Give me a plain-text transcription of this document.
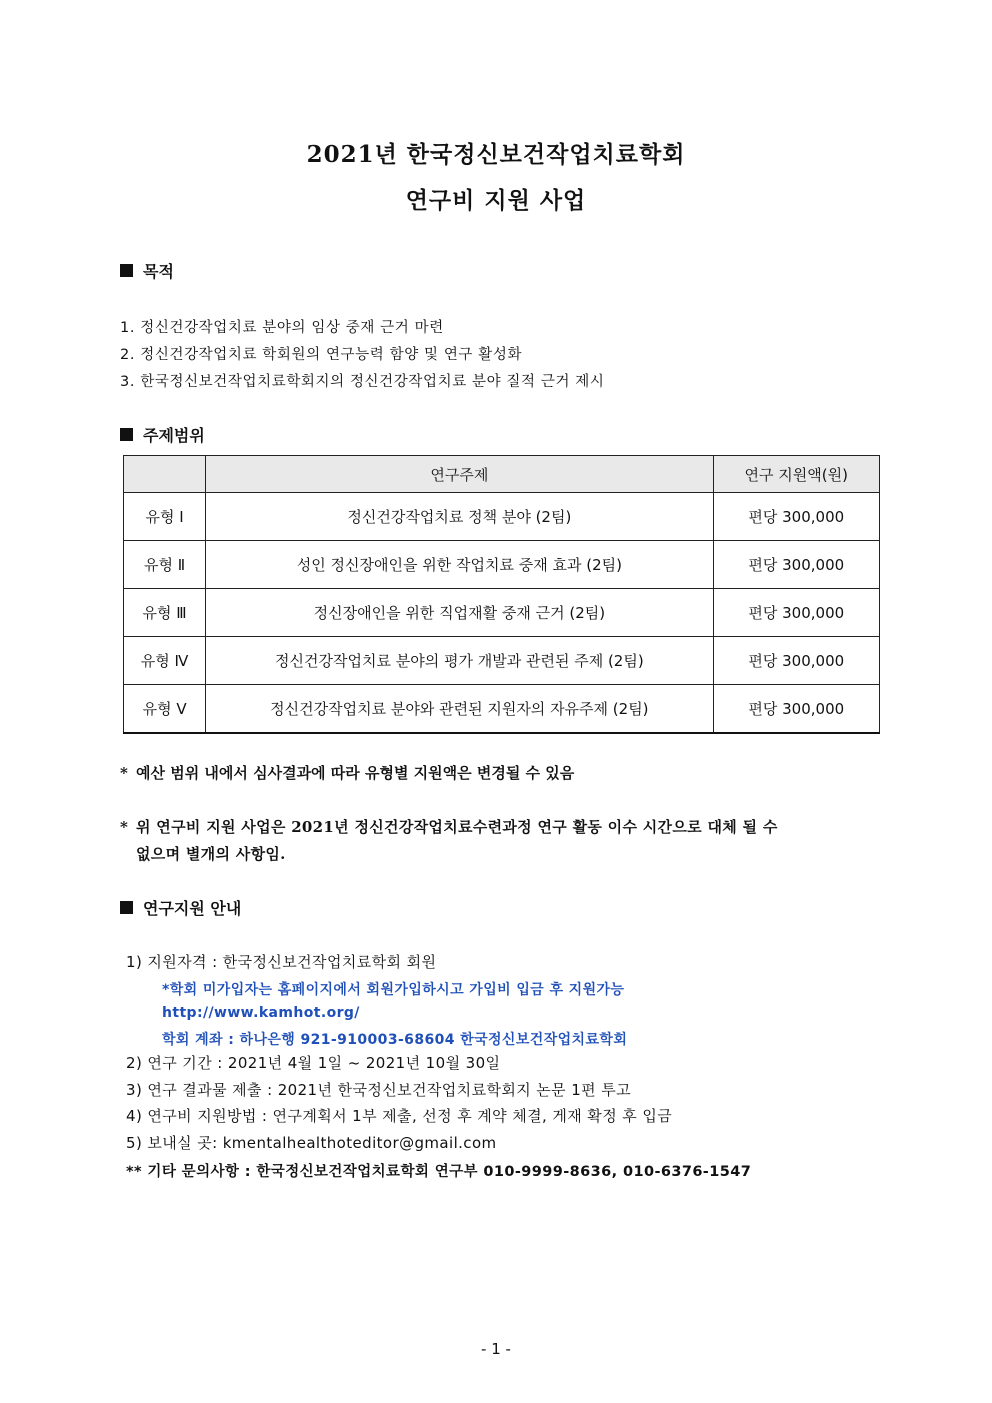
2021년 한국정신보건작업치료학회
연구비 지원 사업
목적
1. 정신건강작업치료 분야의 임상 중재 근거 마련
2. 정신건강작업치료 학회원의 연구능력 함양 및 연구 활성화
3. 한국정신보건작업치료학회지의 정신건강작업치료 분야 질적 근거 제시
주제범위
	연구주제	연구 지원액(원)
유형 Ⅰ	정신건강작업치료 정책 분야 (2팀)	편당 300,000
유형 Ⅱ	성인 정신장애인을 위한 작업치료 중재 효과 (2팀)	편당 300,000
유형 Ⅲ	정신장애인을 위한 직업재활 중재 근거 (2팀)	편당 300,000
유형 Ⅳ	정신건강작업치료 분야의 평가 개발과 관련된 주제 (2팀)	편당 300,000
유형 Ⅴ	정신건강작업치료 분야와 관련된 지원자의 자유주제 (2팀)	편당 300,000
* 예산 범위 내에서 심사결과에 따라 유형별 지원액은 변경될 수 있음
* 위 연구비 지원 사업은 2021년 정신건강작업치료수련과정 연구 활동 이수 시간으로 대체 될 수
없으며 별개의 사항임.
연구지원 안내
1) 지원자격 : 한국정신보건작업치료학회 회원
*학회 미가입자는 홈페이지에서 회원가입하시고 가입비 입금 후 지원가능
http://www.kamhot.org/
학회 계좌 : 하나은행 921-910003-68604 한국정신보건작업치료학회
2) 연구 기간 : 2021년 4월 1일 ~ 2021년 10월 30일
3) 연구 결과물 제출 : 2021년 한국정신보건작업치료학회지 논문 1편 투고
4) 연구비 지원방법 : 연구계획서 1부 제출, 선정 후 계약 체결, 게재 확정 후 입금
5) 보내실 곳: kmentalhealthoteditor@gmail.com
** 기타 문의사항 : 한국정신보건작업치료학회 연구부 010-9999-8636, 010-6376-1547
- 1 -
